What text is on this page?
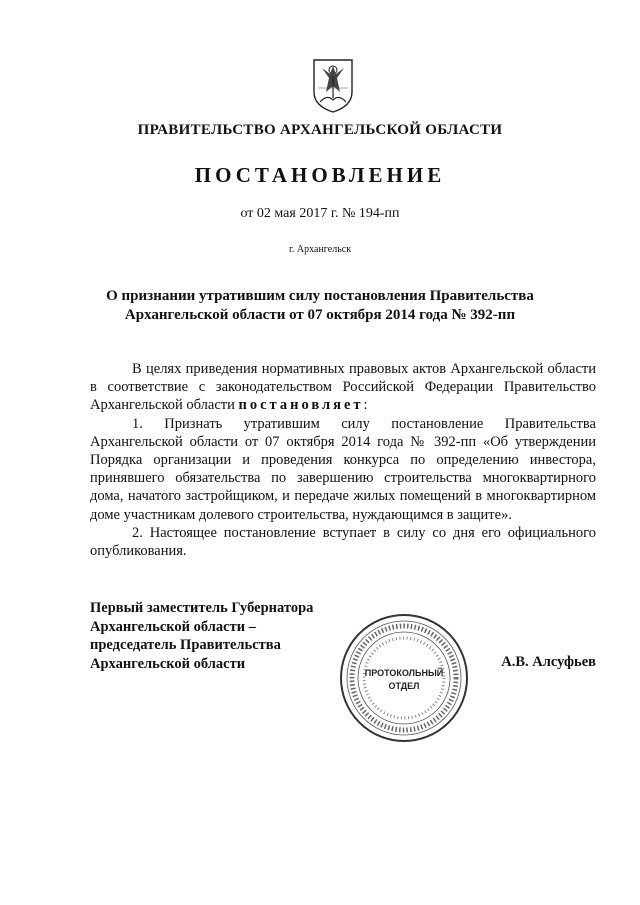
ПРАВИТЕЛЬСТВО АРХАНГЕЛЬСКОЙ ОБЛАСТИ
ПОСТАНОВЛЕНИЕ
от 02 мая 2017 г. № 194-пп
г. Архангельск
О признании утратившим силу постановления Правительства
Архангельской области от 07 октября 2014 года № 392-пп

В целях приведения нормативных правовых актов Архангельской области в соответствие с законодательством Российской Федерации Правительство Архангельской области постановляет:

1. Признать утратившим силу постановление Правительства Архангельской области от 07 октября 2014 года № 392-пп «Об утверждении Порядка организации и проведения конкурса по определению инвестора, принявшего обязательства по завершению строительства многоквартирного дома, начатого застройщиком, и передаче жилых помещений в многоквартирном доме участникам долевого строительства, нуждающимся в защите».

2. Настоящее постановление вступает в силу со дня его официального опубликования.

Первый заместитель Губернатора
Архангельской области –
председатель Правительства
Архангельской области
ПРОТОКОЛЬНЫЙ
ОТДЕЛ
А.В. Алсуфьев
